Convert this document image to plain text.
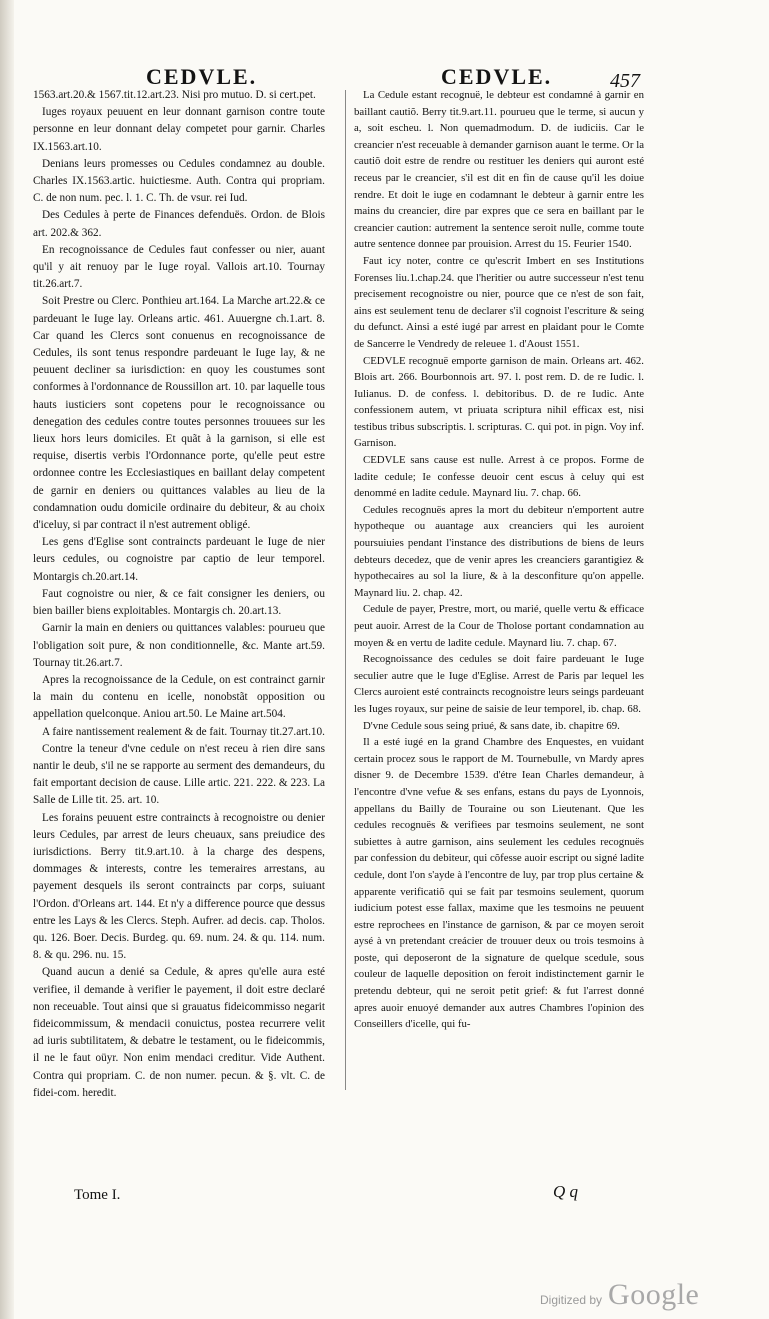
CEDVLE.	CEDVLE.	457

1563.art.20.& 1567.tit.12.art.23. Nisi pro mutuo. D. si cert.pet.

Iuges royaux peuuent en leur donnant garnison contre toute personne en leur donnant delay competet pour garnir. Charles IX.1563.art.10.

Denians leurs promesses ou Cedules condamnez au double. Charles IX.1563.artic. huictiesme. Auth. Contra qui propriam. C. de non num. pec. l. 1. C. Th. de vsur. rei Iud.

Des Cedules à perte de Finances defenduës. Ordon. de Blois art. 202.& 362.

En recognoissance de Cedules faut confesser ou nier, auant qu'il y ait renuoy par le Iuge royal. Vallois art.10. Tournay tit.26.art.7.

Soit Prestre ou Clerc. Ponthieu art.164. La Marche art.22.& ce pardeuant le Iuge lay. Orleans artic. 461. Auuergne ch.1.art. 8. Car quand les Clercs sont conuenus en recognoissance de Cedules, ils sont tenus respondre pardeuant le Iuge lay, & ne peuuent decliner sa iurisdiction: en quoy les coustumes sont conformes à l'ordonnance de Roussillon art. 10. par laquelle tous hauts iusticiers sont copetens pour le recognoissance ou denegation des cedules contre toutes personnes trouuees sur les lieux hors leurs domiciles. Et quãt à la garnison, si elle est requise, disertis verbis l'Ordonnance porte, qu'elle peut estre ordonnee contre les Ecclesiastiques en baillant delay competent de garnir en deniers ou quittances valables au lieu de la condamnation oudu domicile ordinaire du debiteur, & au choix d'iceluy, si par contract il n'est autrement obligé.

Les gens d'Eglise sont contraincts pardeuant le Iuge de nier leurs cedules, ou cognoistre par captio de leur temporel. Montargis ch.20.art.14.

Faut cognoistre ou nier, & ce fait consigner les deniers, ou bien bailler biens exploitables. Montargis ch. 20.art.13.

Garnir la main en deniers ou quittances valables: pourueu que l'obligation soit pure, & non conditionnelle, &c. Mante art.59. Tournay tit.26.art.7.

Apres la recognoissance de la Cedule, on est contrainct garnir la main du contenu en icelle, nonobstãt opposition ou appellation quelconque. Aniou art.50. Le Maine art.504.

A faire nantissement realement & de fait. Tournay tit.27.art.10.

Contre la teneur d'vne cedule on n'est receu à rien dire sans nantir le deub, s'il ne se rapporte au serment des demandeurs, du fait emportant decision de cause. Lille artic. 221. 222. & 223. La Salle de Lille tit. 25. art. 10.

Les forains peuuent estre contraincts à recognoistre ou denier leurs Cedules, par arrest de leurs cheuaux, sans preiudice des iurisdictions. Berry tit.9.art.10. à la charge des despens, dommages & interests, contre les temeraires arrestans, au payement desquels ils seront contraincts par corps, suiuant l'Ordon. d'Orleans art. 144. Et n'y a difference pource que dessus entre les Lays & les Clercs. Steph. Aufrer. ad decis. cap. Tholos. qu. 126. Boer. Decis. Burdeg. qu. 69. num. 24. & qu. 114. num. 8. & qu. 296. nu. 15.

Quand aucun a denié sa Cedule, & apres qu'elle aura esté verifiee, il demande à verifier le payement, il doit estre declaré non receuable. Tout ainsi que si grauatus fideicommisso negarit fideicommissum, & mendacii conuictus, postea recurrere velit ad iuris subtilitatem, & debatre le testament, ou le fideicommis, il ne le faut oüyr. Non enim mendaci creditur. Vide Authent. Contra qui propriam. C. de non numer. pecun. & §. vlt. C. de fidei-com. heredit.

La Cedule estant recognuë, le debteur est condamné à garnir en baillant cautiõ. Berry tit.9.art.11. pourueu que le terme, si aucun y a, soit escheu. l. Non quemadmodum. D. de iudiciis. Car le creancier n'est receuable à demander garnison auant le terme. Or la cautiõ doit estre de rendre ou restituer les deniers qui auront esté receus par le creancier, s'il est dit en fin de cause qu'il les doiue rendre. Et doit le iuge en codamnant le debteur à garnir entre les mains du creancier, dire par expres que ce sera en baillant par le creancier caution: autrement la sentence seroit nulle, comme toute autre sentence donnee par prouision. Arrest du 15. Feurier 1540.

Faut icy noter, contre ce qu'escrit Imbert en ses Institutions Forenses liu.1.chap.24. que l'heritier ou autre successeur n'est tenu precisement recognoistre ou nier, pource que ce n'est de son fait, ains est seulement tenu de declarer s'il cognoist l'escriture & seing du defunct. Ainsi a esté iugé par arrest en plaidant pour le Comte de Sancerre le Vendredy de releuee 1. d'Aoust 1551.

CEDVLE recognuë emporte garnison de main. Orleans art. 462. Blois art. 266. Bourbonnois art. 97. l. post rem. D. de re Iudic. l. Iulianus. D. de confess. l. debitoribus. D. de re Iudic. Ante confessionem autem, vt priuata scriptura nihil efficax est, nisi testibus tribus subscriptis. l. scripturas. C. qui pot. in pign. Voy inf. Garnison.

CEDVLE sans cause est nulle. Arrest à ce propos. Forme de ladite cedule; Ie confesse deuoir cent escus à celuy qui est denommé en ladite cedule. Maynard liu. 7. chap. 66.

Cedules recognuës apres la mort du debiteur n'emportent autre hypotheque ou auantage aux creanciers qui les auroient poursuiuies pendant l'instance des distributions de biens de leurs debteurs decedez, que de venir apres les creanciers garantigiez & hypothecaires au sol la liure, & à la desconfiture qu'on appelle. Maynard liu. 2. chap. 42.

Cedule de payer, Prestre, mort, ou marié, quelle vertu & efficace peut auoir. Arrest de la Cour de Tholose portant condamnation au moyen & en vertu de ladite cedule. Maynard liu. 7. chap. 67.

Recognoissance des cedules se doit faire pardeuant le Iuge seculier autre que le Iuge d'Eglise. Arrest de Paris par lequel les Clercs auroient esté contraincts recognoistre leurs seings pardeuant les Iuges royaux, sur peine de saisie de leur temporel, ib. chap. 68.

D'vne Cedule sous seing priué, & sans date, ib. chapitre 69.

Il a esté iugé en la grand Chambre des Enquestes, en vuidant certain procez sous le rapport de M. Tournebulle, vn Mardy apres disner 9. de Decembre 1539. d'étre Iean Charles demandeur, à l'encontre d'vne vefue & ses enfans, estans du pays de Lyonnois, appellans du Bailly de Touraine ou son Lieutenant. Que les cedules recognuës & verifiees par tesmoins seulement, ne sont subiettes à autre garnison, ains seulement les cedules recognuës par confession du debiteur, qui cõfesse auoir escript ou signé ladite cedule, dont l'on s'ayde à l'encontre de luy, par trop plus certaine & apparente verificatiõ qui se fait par tesmoins seulement, quorum iudicium potest esse fallax, maxime que les tesmoins ne peuuent estre reprochees en l'instance de garnison, & par ce moyen seroit aysé à vn pretendant creácier de trouuer deux ou trois tesmoins à poste, qui deposeront de la signature de quelque scedule, sous couleur de laquelle deposition on feroit indistinctement garnir le pretendu debteur, qui ne seroit petit grief: & fut l'arrest donné apres auoir enuoyé demander aux autres Chambres l'opinion des Conseillers d'icelle, qui fu-

Tome I.	Q q
Digitized by Google
